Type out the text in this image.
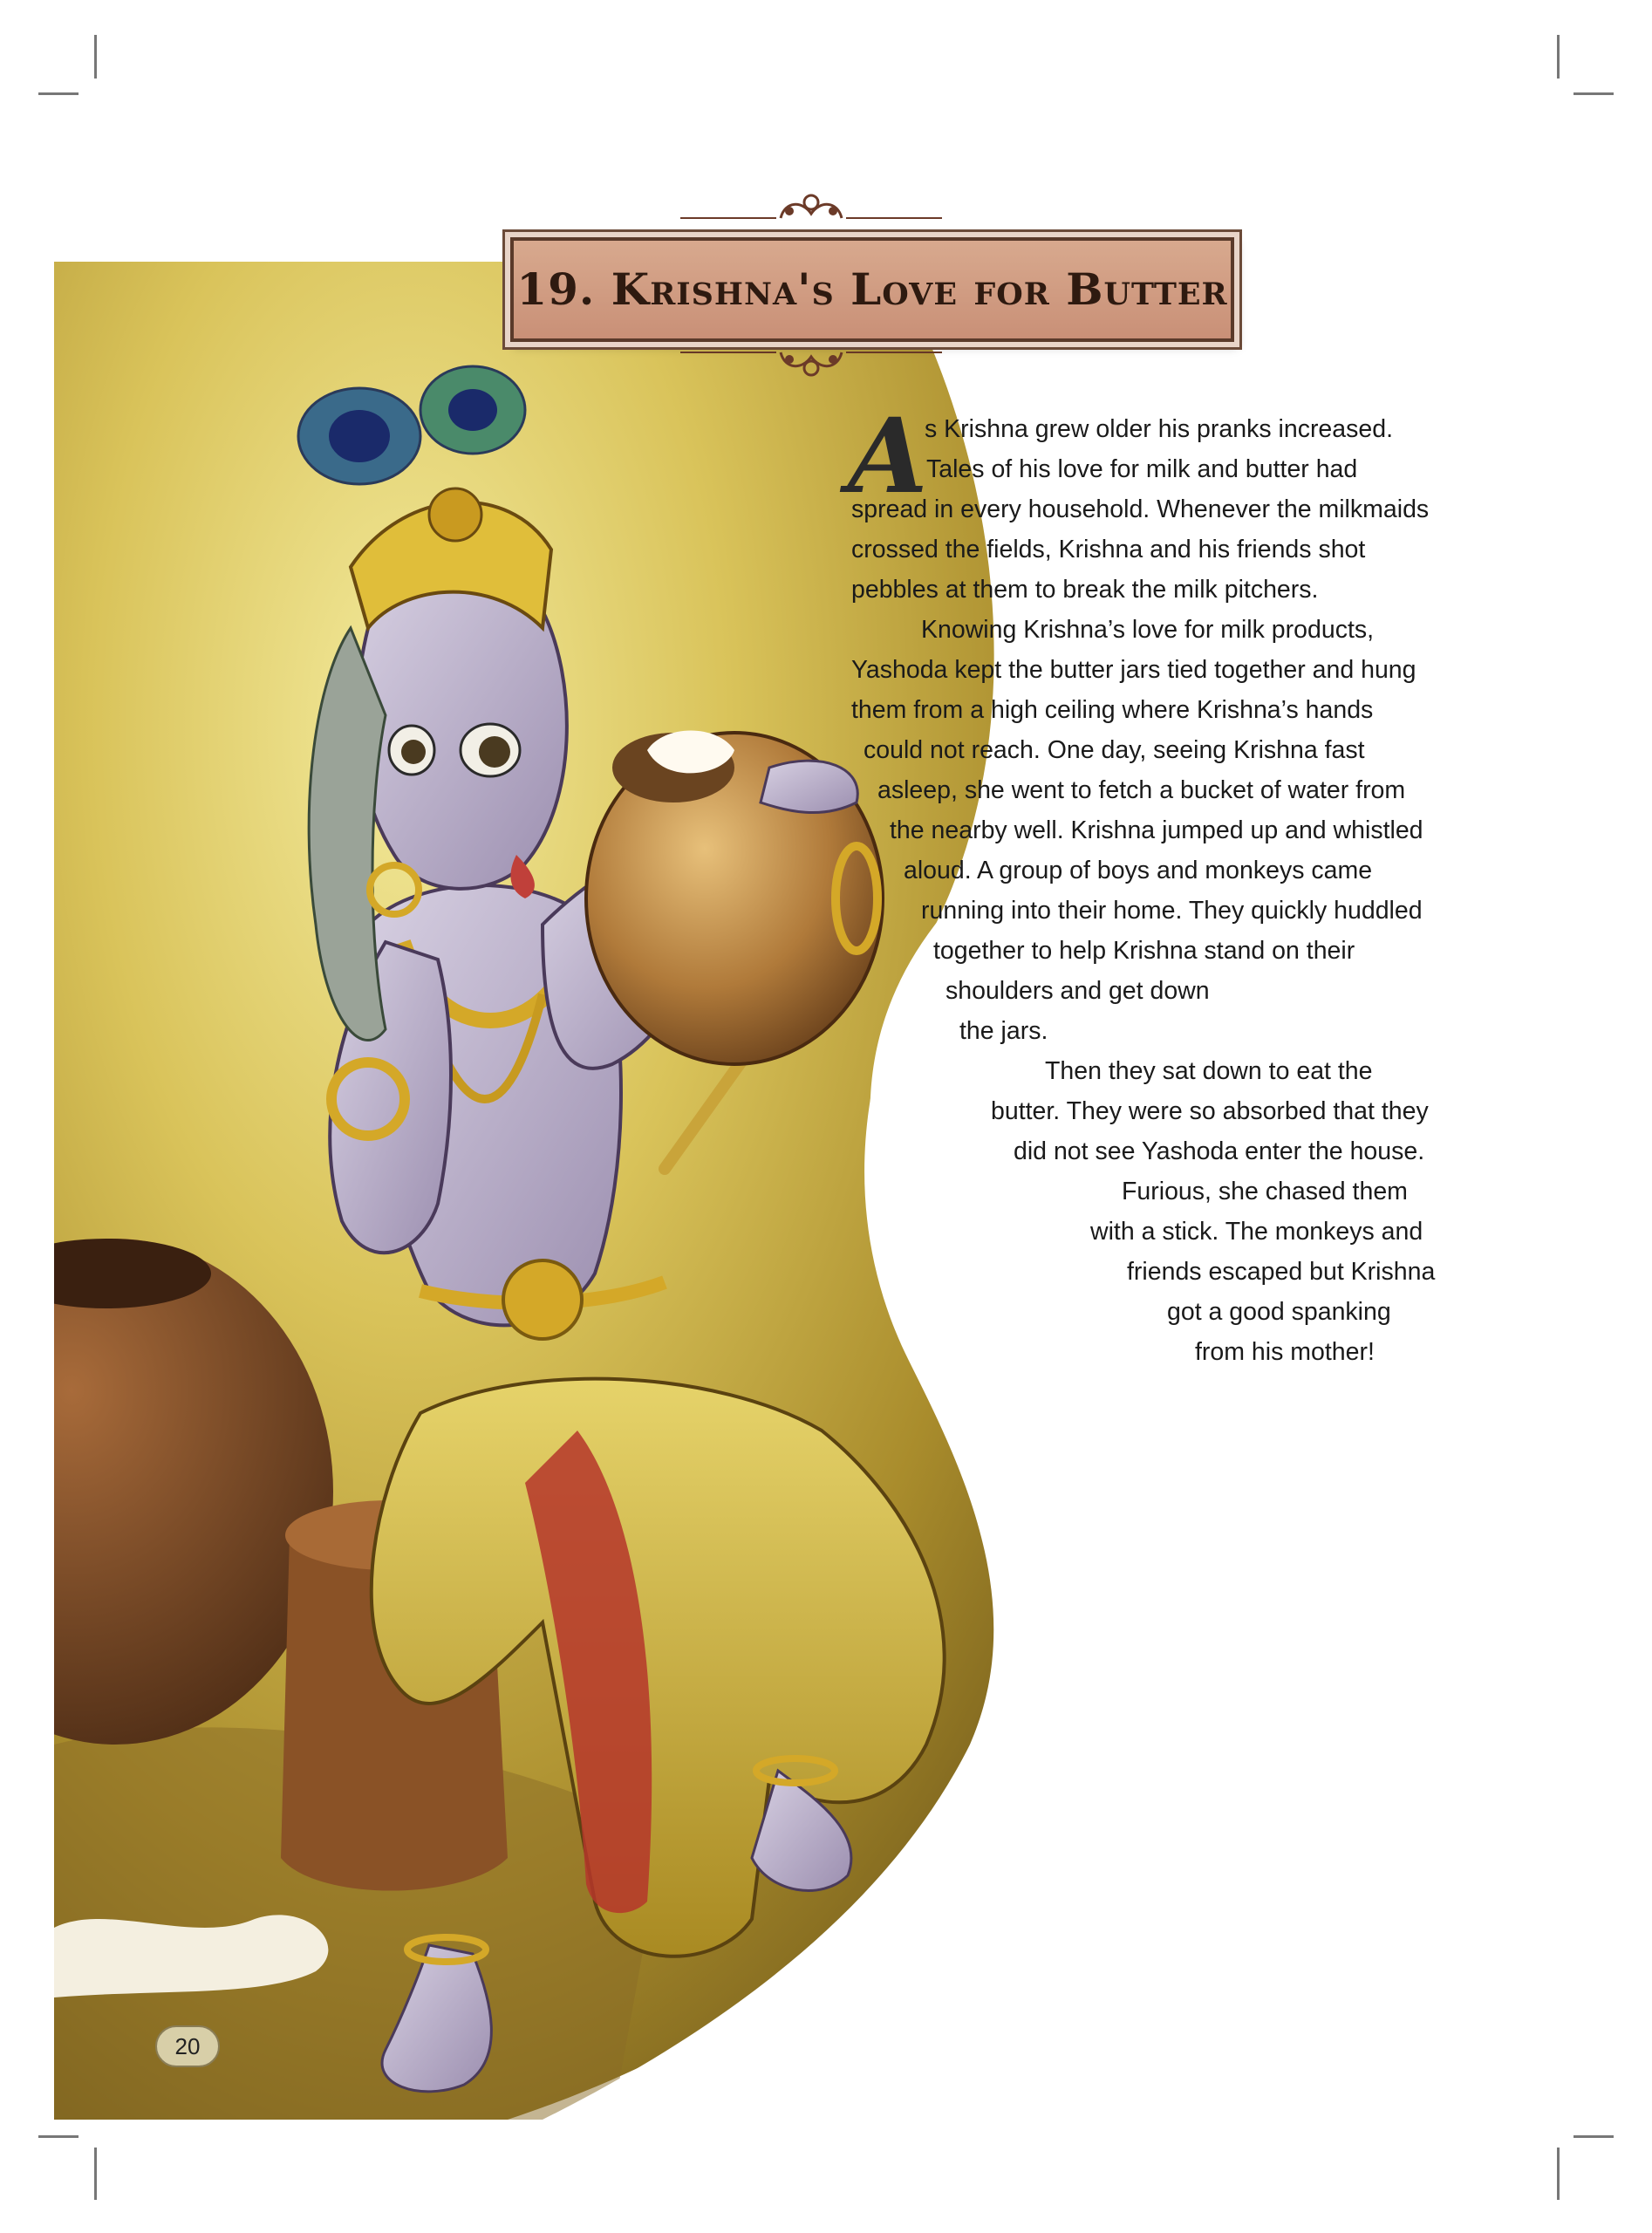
19. Krishna's Love for Butter
A
s Krishna grew older his pranks increased.
Tales of his love for milk and butter had
spread in every household. Whenever the milkmaids
crossed the fields, Krishna and his friends shot
pebbles at them to break the milk pitchers.
Knowing Krishna’s love for milk products,
Yashoda kept the butter jars tied together and hung
them from a high ceiling where Krishna’s hands
could not reach. One day, seeing Krishna fast
asleep, she went to fetch a bucket of water from
the nearby well. Krishna jumped up and whistled
aloud. A group of boys and monkeys came
running into their home. They quickly huddled
together to help Krishna stand on their
shoulders and get down
the jars.
Then they sat down to eat the
butter. They were so absorbed that they
did not see Yashoda enter the house.
Furious, she chased them
with a stick. The monkeys and
friends escaped but Krishna
got a good spanking
from his mother!
20
